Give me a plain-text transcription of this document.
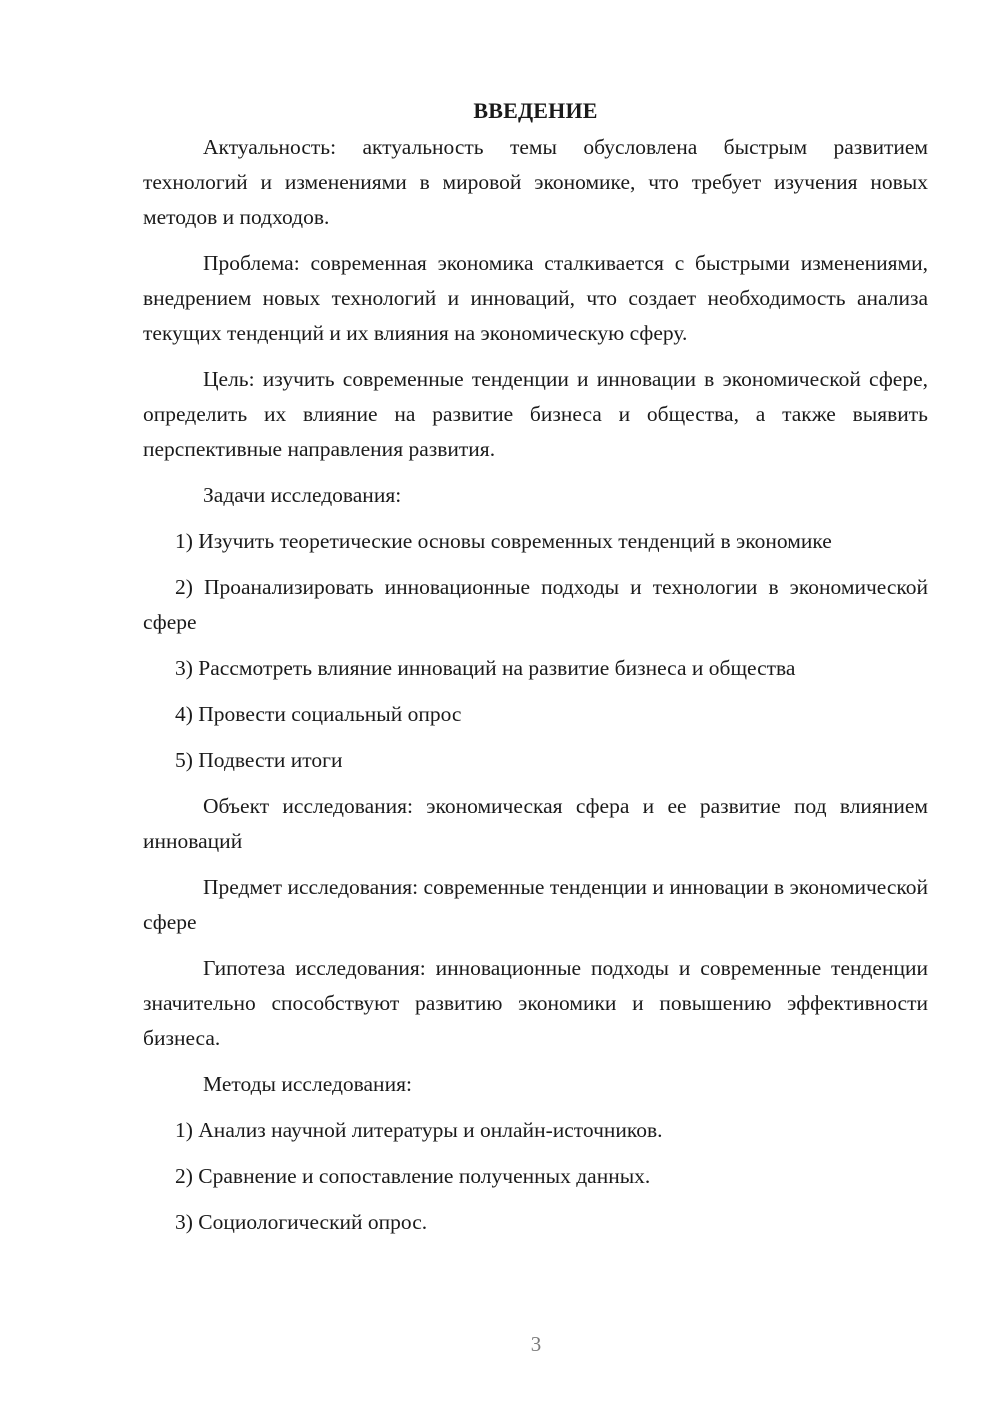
ВВЕДЕНИЕ

Актуальность: актуальность темы обусловлена быстрым развитием технологий и изменениями в мировой экономике, что требует изучения новых методов и подходов.

Проблема: современная экономика сталкивается с быстрыми изменениями, внедрением новых технологий и инноваций, что создает необходимость анализа текущих тенденций и их влияния на экономическую сферу.

Цель: изучить современные тенденции и инновации в экономической сфере, определить их влияние на развитие бизнеса и общества, а также выявить перспективные направления развития.

Задачи исследования:

1) Изучить теоретические основы современных тенденций в экономике

2) Проанализировать инновационные подходы и технологии в экономической сфере

3) Рассмотреть влияние инноваций на развитие бизнеса и общества

4) Провести социальный опрос

5) Подвести итоги

Объект исследования: экономическая сфера и ее развитие под влиянием инноваций

Предмет исследования: современные тенденции и инновации в экономической сфере

Гипотеза исследования: инновационные подходы и современные тенденции значительно способствуют развитию экономики и повышению эффективности бизнеса.

Методы исследования:

1) Анализ научной литературы и онлайн-источников.

2) Сравнение и сопоставление полученных данных.

3) Социологический опрос.

3
